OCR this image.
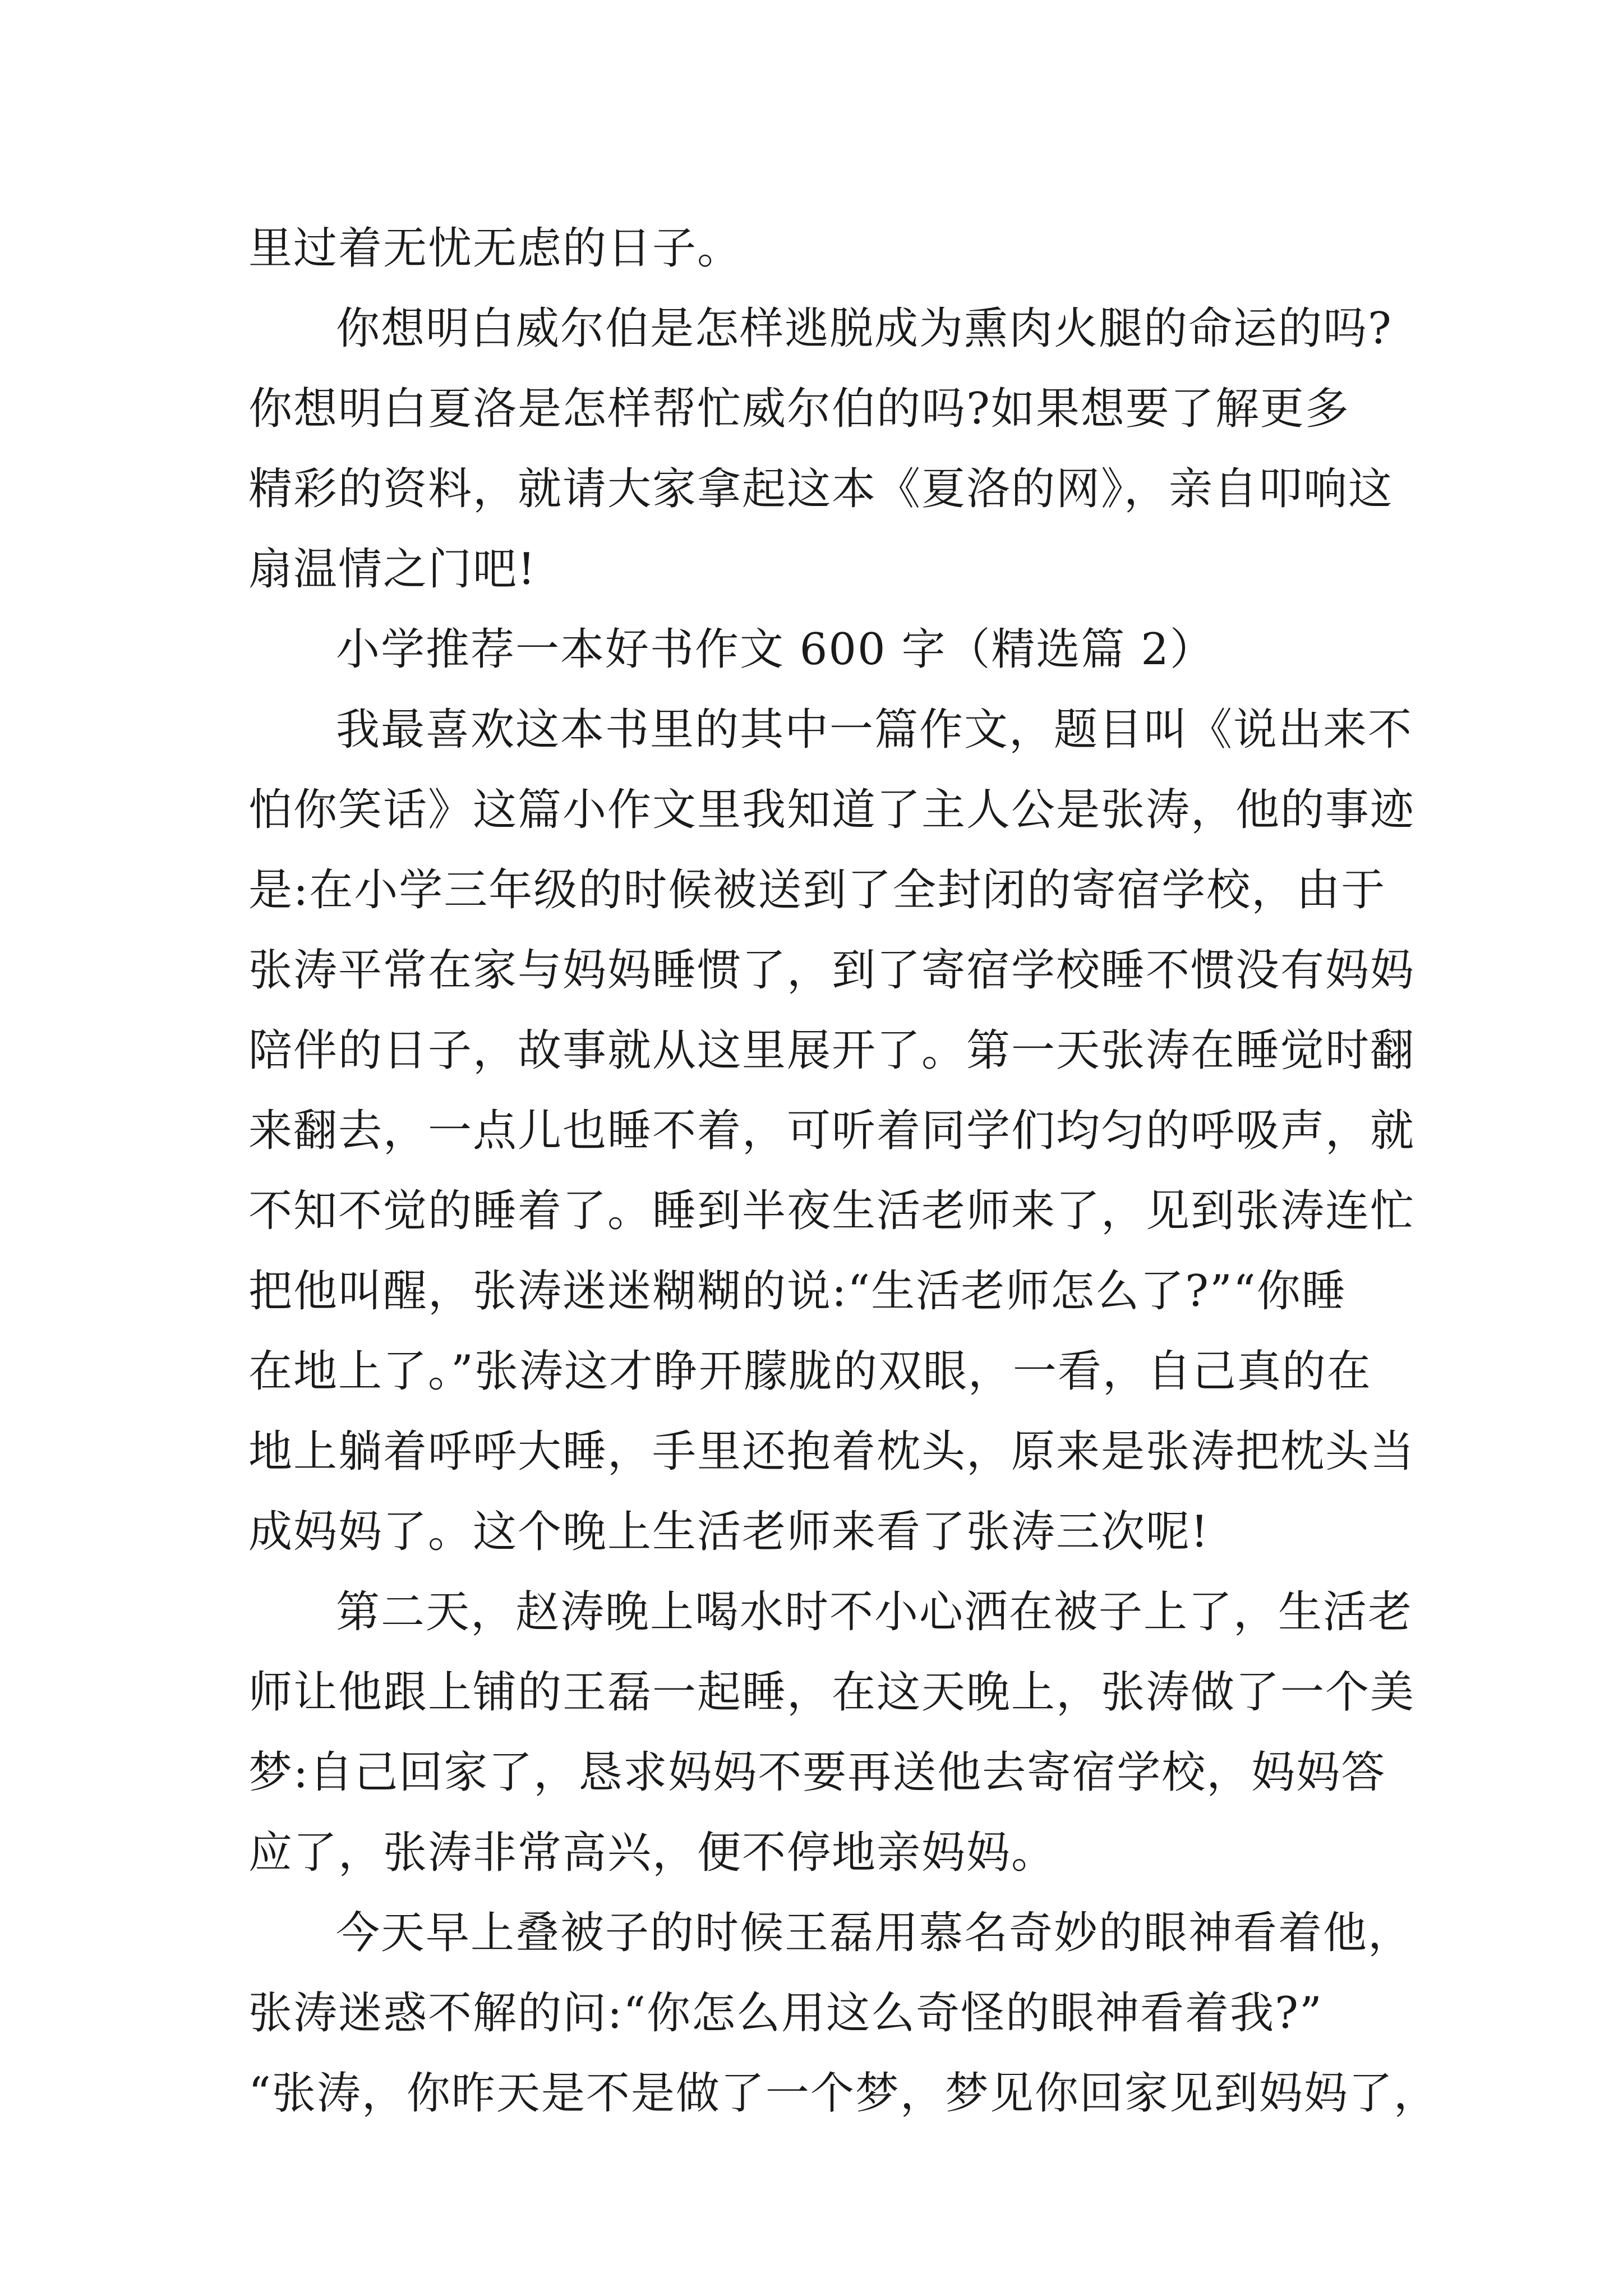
里过着无忧无虑的日子。
你想明白威尔伯是怎样逃脱成为熏肉火腿的命运的吗?
你想明白夏洛是怎样帮忙威尔伯的吗?如果想要了解更多
精彩的资料，就请大家拿起这本《夏洛的网》，亲自叩响这
扇温情之门吧!
小学推荐一本好书作文 600 字（精选篇 2）
我最喜欢这本书里的其中一篇作文，题目叫《说出来不
怕你笑话》这篇小作文里我知道了主人公是张涛，他的事迹
是:在小学三年级的时候被送到了全封闭的寄宿学校，由于
张涛平常在家与妈妈睡惯了，到了寄宿学校睡不惯没有妈妈
陪伴的日子，故事就从这里展开了。第一天张涛在睡觉时翻
来翻去，一点儿也睡不着，可听着同学们均匀的呼吸声，就
不知不觉的睡着了。睡到半夜生活老师来了，见到张涛连忙
把他叫醒，张涛迷迷糊糊的说:“生活老师怎么了?”“你睡
在地上了。”张涛这才睁开朦胧的双眼，一看，自己真的在
地上躺着呼呼大睡，手里还抱着枕头，原来是张涛把枕头当
成妈妈了。这个晚上生活老师来看了张涛三次呢!
第二天，赵涛晚上喝水时不小心洒在被子上了，生活老
师让他跟上铺的王磊一起睡，在这天晚上，张涛做了一个美
梦:自己回家了，恳求妈妈不要再送他去寄宿学校，妈妈答
应了，张涛非常高兴，便不停地亲妈妈。
今天早上叠被子的时候王磊用慕名奇妙的眼神看着他，
张涛迷惑不解的问:“你怎么用这么奇怪的眼神看着我?”
“张涛，你昨天是不是做了一个梦，梦见你回家见到妈妈了，
